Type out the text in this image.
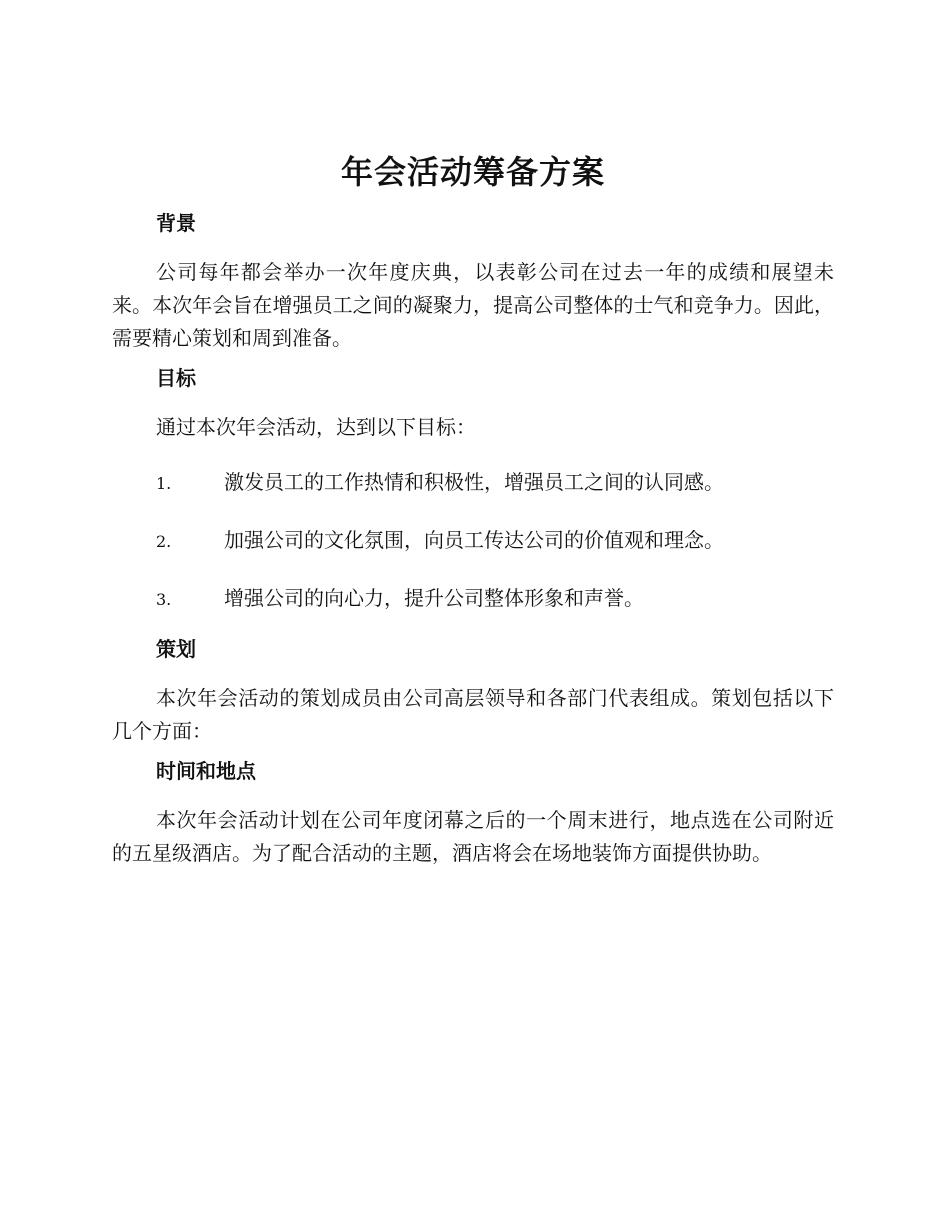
年会活动筹备方案
背景

公司每年都会举办一次年度庆典，以表彰公司在过去一年的成绩和展望未来。本次年会旨在增强员工之间的凝聚力，提高公司整体的士气和竞争力。因此，需要精心策划和周到准备。

目标

通过本次年会活动，达到以下目标：

1.	激发员工的工作热情和积极性，增强员工之间的认同感。
2.	加强公司的文化氛围，向员工传达公司的价值观和理念。
3.	增强公司的向心力，提升公司整体形象和声誉。
策划

本次年会活动的策划成员由公司高层领导和各部门代表组成。策划包括以下几个方面：

时间和地点

本次年会活动计划在公司年度闭幕之后的一个周末进行，地点选在公司附近的五星级酒店。为了配合活动的主题，酒店将会在场地装饰方面提供协助。
